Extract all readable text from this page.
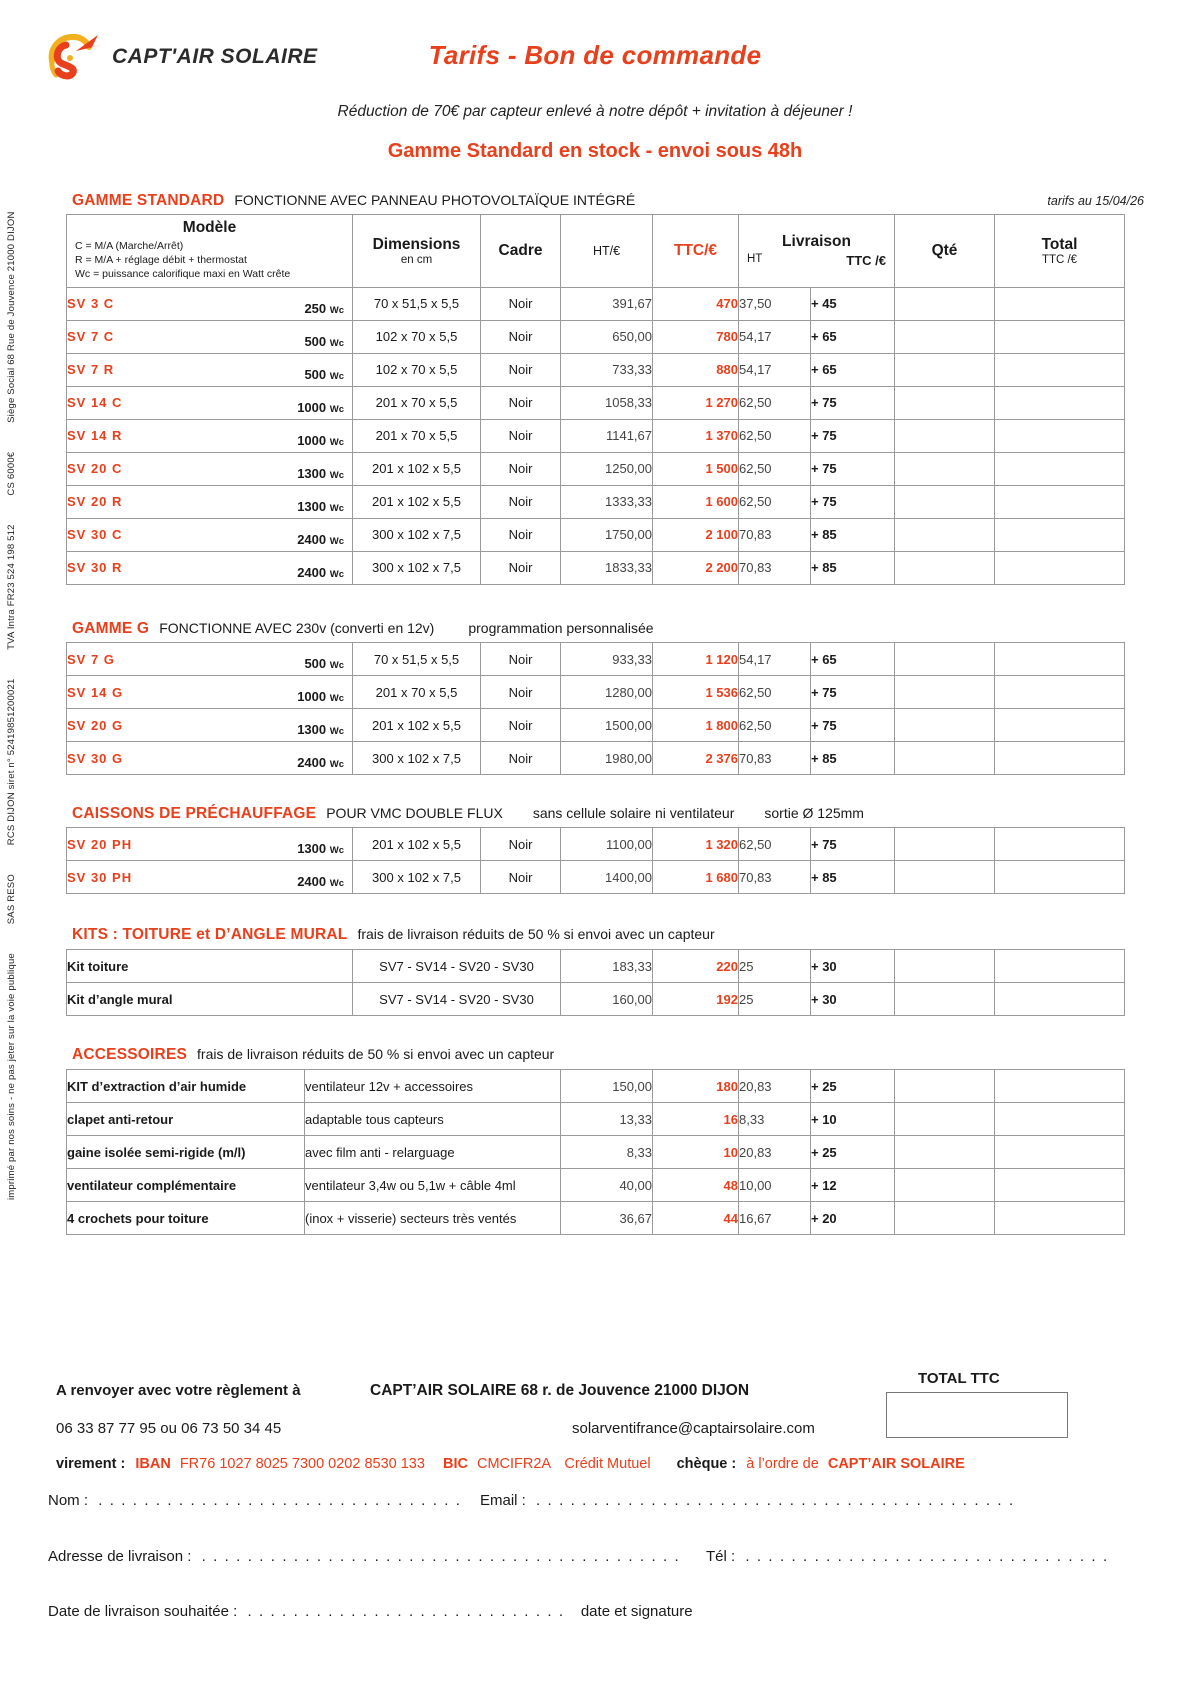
imprimé par nos soins - ne pas jeter sur la voie publique SAS RESO RCS DIJON siret n° 52419851200021 TVA Intra FR23 524 198 512 CS 6000€ Siège Social 68 Rue de Jouvence 21000 DIJON
CAPT'AIR SOLAIRE	Tarifs - Bon de commande
Réduction de 70€ par capteur enlevé à notre dépôt + invitation à déjeuner !
Gamme Standard en stock - envoi sous 48h
GAMME STANDARD FONCTIONNE AVEC PANNEAU PHOTOVOLTAÏQUE INTÉGRÉ	tarifs au 15/04/26
Modèle
C = M/A (Marche/Arrêt)
R = M/A + réglage débit + thermostat
Wc = puissance calorifique maxi en Watt crête

Dimensions
en cm

Cadre	HT/€	TTC/€	Livraison
HT	TTC /€

Qté	Total
TTC /€

SV 3 C 250 Wc	70 x 51,5 x 5,5	Noir	391,67	470	37,50	+ 45		
SV 7 C 500 Wc	102 x 70 x 5,5	Noir	650,00	780	54,17	+ 65		
SV 7 R 500 Wc	102 x 70 x 5,5	Noir	733,33	880	54,17	+ 65		
SV 14 C 1000 Wc	201 x 70 x 5,5	Noir	1058,33	1 270	62,50	+ 75		
SV 14 R 1000 Wc	201 x 70 x 5,5	Noir	1141,67	1 370	62,50	+ 75		
SV 20 C 1300 Wc	201 x 102 x 5,5	Noir	1250,00	1 500	62,50	+ 75		
SV 20 R 1300 Wc	201 x 102 x 5,5	Noir	1333,33	1 600	62,50	+ 75		
SV 30 C 2400 Wc	300 x 102 x 7,5	Noir	1750,00	2 100	70,83	+ 85		
SV 30 R 2400 Wc	300 x 102 x 7,5	Noir	1833,33	2 200	70,83	+ 85		
GAMME G FONCTIONNE AVEC 230v (converti en 12v) programmation personnalisée
SV 7 G 500 Wc	70 x 51,5 x 5,5	Noir	933,33	1 120	54,17	+ 65		
SV 14 G 1000 Wc	201 x 70 x 5,5	Noir	1280,00	1 536	62,50	+ 75		
SV 20 G 1300 Wc	201 x 102 x 5,5	Noir	1500,00	1 800	62,50	+ 75		
SV 30 G 2400 Wc	300 x 102 x 7,5	Noir	1980,00	2 376	70,83	+ 85		
CAISSONS DE PRÉCHAUFFAGE POUR VMC DOUBLE FLUX sans cellule solaire ni ventilateur sortie Ø 125mm
SV 20 PH 1300 Wc	201 x 102 x 5,5	Noir	1100,00	1 320	62,50	+ 75		
SV 30 PH 2400 Wc	300 x 102 x 7,5	Noir	1400,00	1 680	70,83	+ 85		
KITS : TOITURE et D’ANGLE MURAL frais de livraison réduits de 50 % si envoi avec un capteur
Kit toiture	SV7 - SV14 - SV20 - SV30	183,33	220	25	+ 30		
Kit d’angle mural	SV7 - SV14 - SV20 - SV30	160,00	192	25	+ 30		
ACCESSOIRES frais de livraison réduits de 50 % si envoi avec un capteur
KIT d’extraction d’air humide	ventilateur 12v + accessoires	150,00	180	20,83	+ 25		
clapet anti-retour	adaptable tous capteurs	13,33	16	8,33	+ 10		
gaine isolée semi-rigide (m/l)	avec film anti - relarguage	8,33	10	20,83	+ 25		
ventilateur complémentaire	ventilateur 3,4w ou 5,1w + câble 4ml	40,00	48	10,00	+ 12		
4 crochets pour toiture	(inox + visserie) secteurs très ventés	36,67	44	16,67	+ 20		
A renvoyer avec votre règlement à	CAPT’AIR SOLAIRE 68 r. de Jouvence 21000 DIJON
06 33 87 77 95 ou 06 73 50 34 45	solarventifrance@captairsolaire.com
virement : IBAN FR76 1027 8025 7300 0202 8530 133 BIC CMCIFR2A Crédit Mutuel chèque : à l’ordre de CAPT’AIR SOLAIRE
TOTAL TTC
Nom : . . . . . . . . . . . . . . . . . . . . . . . . . . . . . . . . Email : . . . . . . . . . . . . . . . . . . . . . . . . . . . . . . . . . . . . . . . . . .
Adresse de livraison : . . . . . . . . . . . . . . . . . . . . . . . . . . . . . . . . . . . . . . . . . . Tél : . . . . . . . . . . . . . . . . . . . . . . . . . . . . . . . .
Date de livraison souhaitée : . . . . . . . . . . . . . . . . . . . . . . . . . . . . date et signature
